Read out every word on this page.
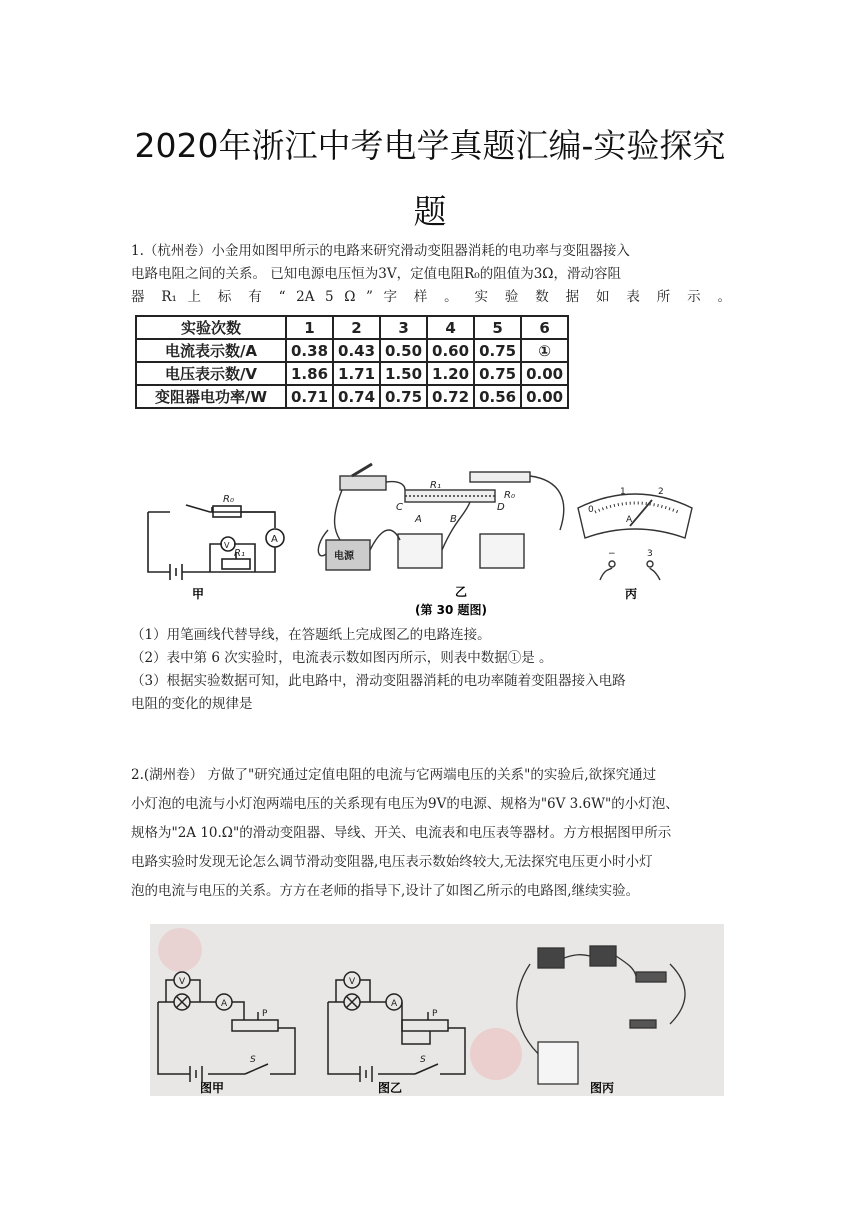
2020年浙江中考电学真题汇编-实验探究
题

1.（杭州卷）小金用如图甲所示的电路来研究滑动变阻器消耗的电功率与变阻器接入

电路电阻之间的关系。 已知电源电压恒为3V，定值电阻R₀的阻值为3Ω，滑动容阻

器 R₁ 上 标 有 “ 2A 5 Ω ” 字 样 。 实 验 数 据 如 表 所 示 。

实验次数	1	2	3	4	5	6
电流表示数/A	0.38	0.43	0.50	0.60	0.75	①
电压表示数/V	1.86	1.71	1.50	1.20	0.75	0.00
变阻器电功率/W	0.71	0.74	0.75	0.72	0.56	0.00
R₀
A
V
R₁
甲
电源
C	D
A	B
R₁
R₀
乙
(第 30 题图)
0
1	2
A
−	3
丙

（1）用笔画线代替导线，在答题纸上完成图乙的电路连接。

（2）表中第 6 次实验时，电流表示数如图丙所示，则表中数据①是 。

（3）根据实验数据可知，此电路中，滑动变阻器消耗的电功率随着变阻器接入电路

电阻的变化的规律是

2.(湖州卷） 方做了"研究通过定值电阻的电流与它两端电压的关系"的实验后,欲探究通过

小灯泡的电流与小灯泡两端电压的关系现有电压为9V的电源、规格为"6V 3.6W"的小灯泡、

规格为"2A 10.Ω"的滑动变阻器、导线、开关、电流表和电压表等器材。方方根据图甲所示

电路实验时发现无论怎么调节滑动变阻器,电压表示数始终较大,无法探究电压更小时小灯

泡的电流与电压的关系。方方在老师的指导下,设计了如图乙所示的电路图,继续实验。

V
A
P
S
图甲
V
A
P
S
图乙	图丙
